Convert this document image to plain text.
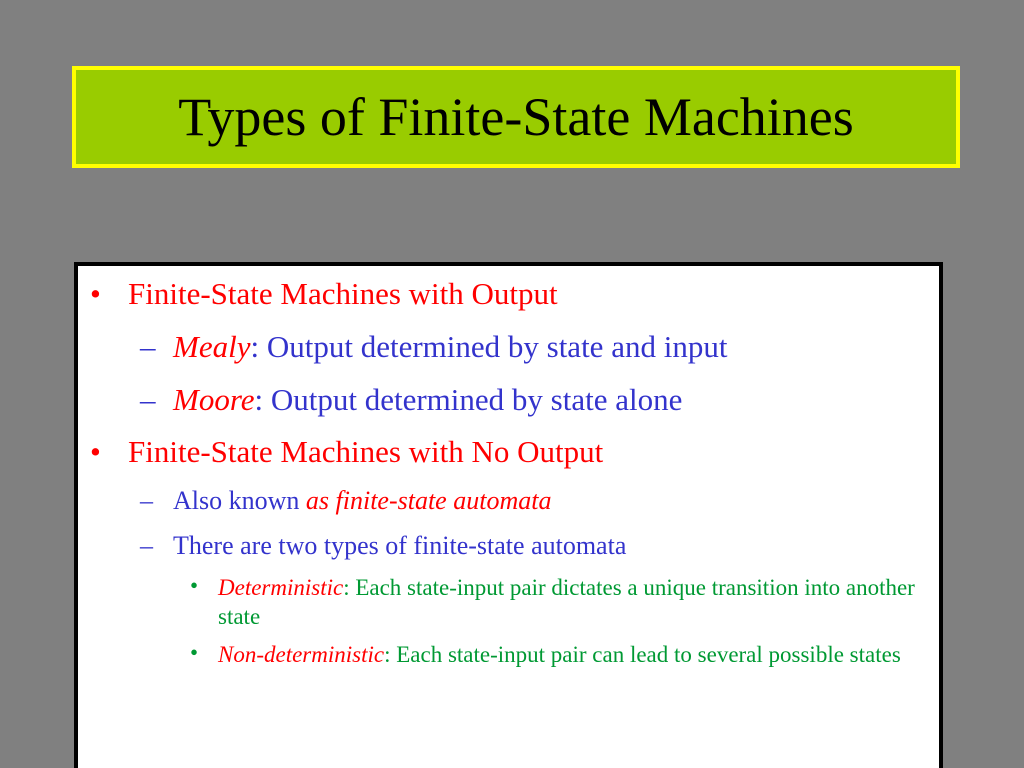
Types of Finite-State Machines
• Finite-State Machines with Output
– Mealy: Output determined by state and input
– Moore: Output determined by state alone
• Finite-State Machines with No Output
– Also known as finite-state automata
– There are two types of finite-state automata
• Deterministic: Each state-input pair dictates a unique transition into another state
• Non-deterministic: Each state-input pair can lead to several possible states
